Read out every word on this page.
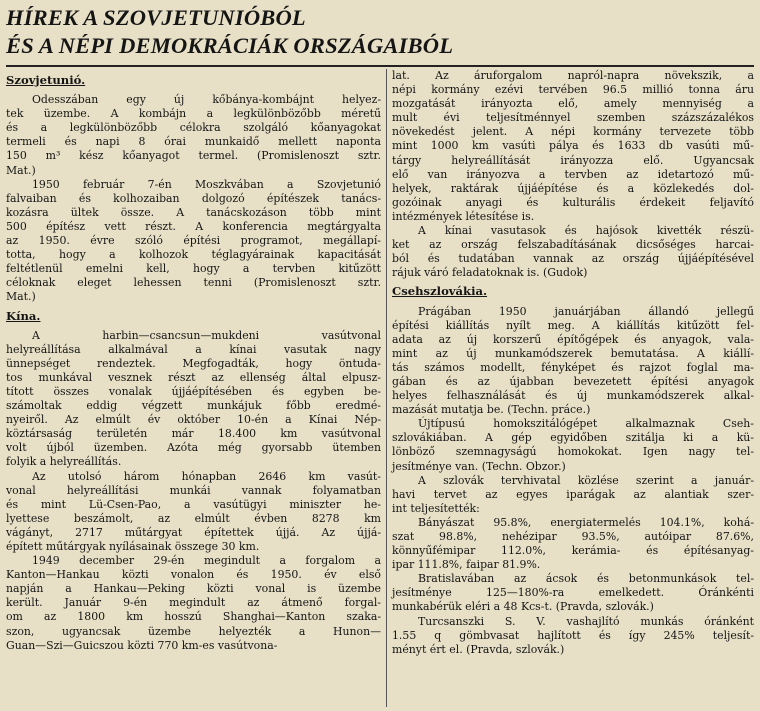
HÍREK A SZOVJETUNIÓBÓL
ÉS A NÉPI DEMOKRÁCIÁK ORSZÁGAIBÓL
Szovjetunió.
Odesszában egy új kőbánya-kombájnt helyez-
tek üzembe. A kombájn a legkülönbözőbb méretű
és a legkülönbözőbb célokra szolgáló kőanyagokat
termeli és napi 8 órai munkaidő mellett naponta
150 m³ kész kőanyagot termel. (Promislenoszt sztr.
Mat.)
1950 február 7-én Moszkvában a Szovjetunió
falvaiban és kolhozaiban dolgozó építészek tanács-
kozásra ültek össze. A tanácskozáson több mint
500 építész vett részt. A konferencia megtárgyalta
az 1950. évre szóló építési programot, megállapí-
totta, hogy a kolhozok téglagyárainak kapacitását
feltétlenül emelni kell, hogy a tervben kitűzött
céloknak eleget lehessen tenni (Promislenoszt sztr.
Mat.)
Kína.
A harbin—csancsun—mukdeni vasútvonal
helyreállítása alkalmával a kínai vasutak nagy
ünnepséget rendeztek. Megfogadták, hogy öntuda-
tos munkával vesznek részt az ellenség által elpusz-
tított összes vonalak újjáépítésében és egyben be-
számoltak eddig végzett munkájuk főbb eredmé-
nyeiről. Az elmúlt év október 10-én a Kínai Nép-
köztársaság területén már 18.400 km vasútvonal
volt újból üzemben. Azóta még gyorsabb ütemben
folyik a helyreállítás.
Az utolsó három hónapban 2646 km vasút-
vonal helyreállítási munkái vannak folyamatban
és mint Lü-Csen-Pao, a vasútügyi miniszter he-
lyettese beszámolt, az elmúlt évben 8278 km
vágányt, 2717 műtárgyat építettek újjá. Az újjá-
épített műtárgyak nyílásainak összege 30 km.
1949 december 29-én megindult a forgalom a
Kanton—Hankau közti vonalon és 1950. év első
napján a Hankau—Peking közti vonal is üzembe
került. Január 9-én megindult az átmenő forgal-
om az 1800 km hosszú Shanghai—Kanton szaka-
szon, ugyancsak üzembe helyezték a Hunon—
Guan—Szi—Guicszou közti 770 km-es vasútvona-
lat. Az áruforgalom napról-napra növekszik, a
népi kormány ezévi tervében 96.5 millió tonna áru
mozgatását irányozta elő, amely mennyiség a
mult évi teljesítménnyel szemben százszázalékos
növekedést jelent. A népi kormány tervezete több
mint 1000 km vasúti pálya és 1633 db vasúti mű-
tárgy helyreállítását irányozza elő. Ugyancsak
elő van irányozva a tervben az idetartozó mű-
helyek, raktárak újjáépítése és a közlekedés dol-
gozóinak anyagi és kulturális érdekeit feljavító
intézmények létesítése is.
A kínai vasutasok és hajósok kivették részü-
ket az ország felszabadításának dicsőséges harcai-
ból és tudatában vannak az ország újjáépítésével
rájuk váró feladatoknak is. (Gudok)
Csehszlovákia.
Prágában 1950 januárjában állandó jellegű
építési kiállítás nyílt meg. A kiállítás kitűzött fel-
adata az új korszerű építőgépek és anyagok, vala-
mint az új munkamódszerek bemutatása. A kiállí-
tás számos modellt, fényképet és rajzot foglal ma-
gában és az újabban bevezetett építési anyagok
helyes felhasználását és új munkamódszerek alkal-
mazását mutatja be. (Techn. práce.)
Újtípusú homokszitálógépet alkalmaznak Cseh-
szlovákiában. A gép egyidőben szitálja ki a kü-
lönböző szemnagyságú homokokat. Igen nagy tel-
jesítménye van. (Techn. Obzor.)
A szlovák tervhivatal közlése szerint a január-
havi tervet az egyes iparágak az alantiak szer-
int teljesítették:
Bányászat 95.8%, energiatermelés 104.1%, kohá-
szat 98.8%, nehézipar 93.5%, autóipar 87.6%,
könnyűfémipar 112.0%, kerámia- és építésanyag-
ipar 111.8%, faipar 81.9%.
Bratislavában az ácsok és betonmunkások tel-
jesítménye 125—180%-ra emelkedett. Óránkénti
munkabérük eléri a 48 Kcs-t. (Pravda, szlovák.)
Turcsanszki S. V. vashajlító munkás óránként
1.55 q gömbvasat hajlított és így 245% teljesít-
ményt ért el. (Pravda, szlovák.)
